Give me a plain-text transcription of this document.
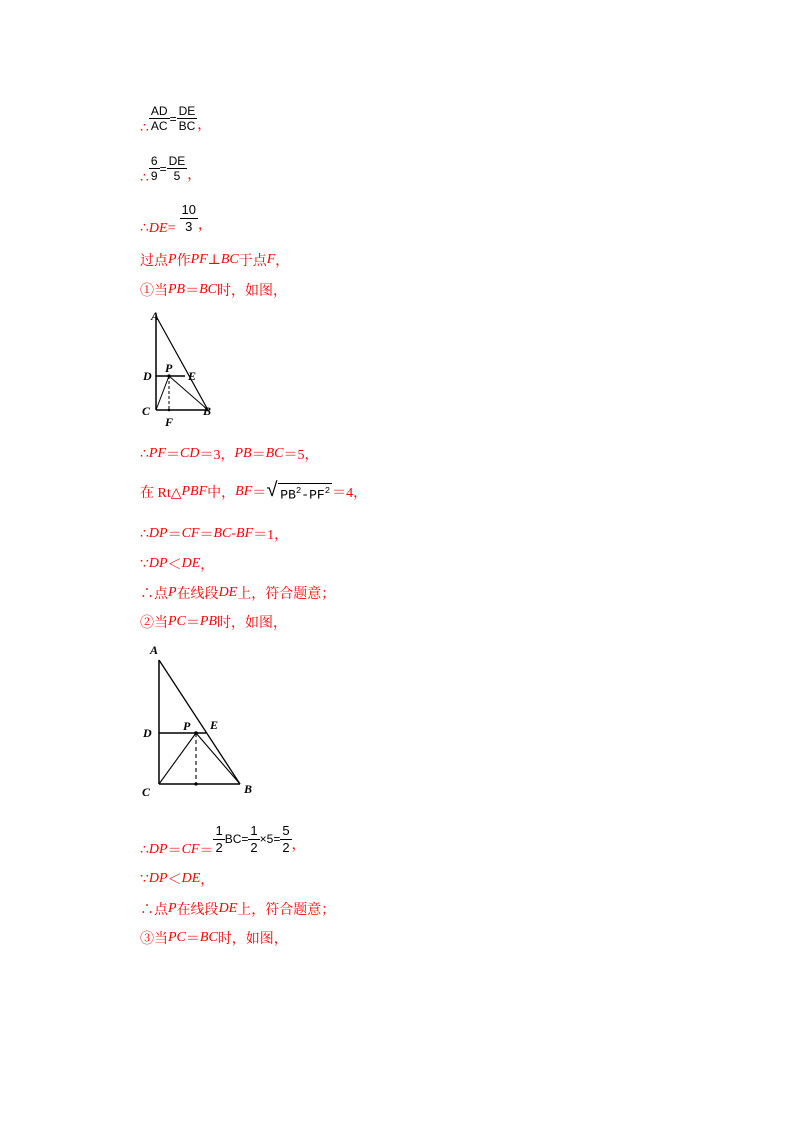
∴ $\frac{AD}{AC} = \frac{DE}{BC}$ ，
∴ $\frac{6}{9} = \frac{DE}{5}$ ，
∴ DE = $\frac{10}{3}$ ，
过点 P 作 PF ⊥ BC 于点 F ，
①当 PB ＝ BC 时，如图，
A
D
P
E
C
F
B
∴ PF ＝ CD ＝3， PB ＝ BC ＝5，
在 Rt△ PBF 中， BF ＝ √ $PB^2-PF^2 =4$，
∴ DP ＝ CF ＝ BC - BF ＝1，
∵ DP ＜ DE ，
∴点 P 在线段 DE 上，符合题意；
②当 PC ＝ PB 时，如图，
A
D	P E
C	B
∴ DP ＝ CF ＝ $\frac{1}{2} BC= \frac{1}{2} \times 5= \frac{5}{2}$ ，
∵ DP ＜ DE ，
∴点 P 在线段 DE 上，符合题意；
③当 PC ＝ BC 时，如图，
